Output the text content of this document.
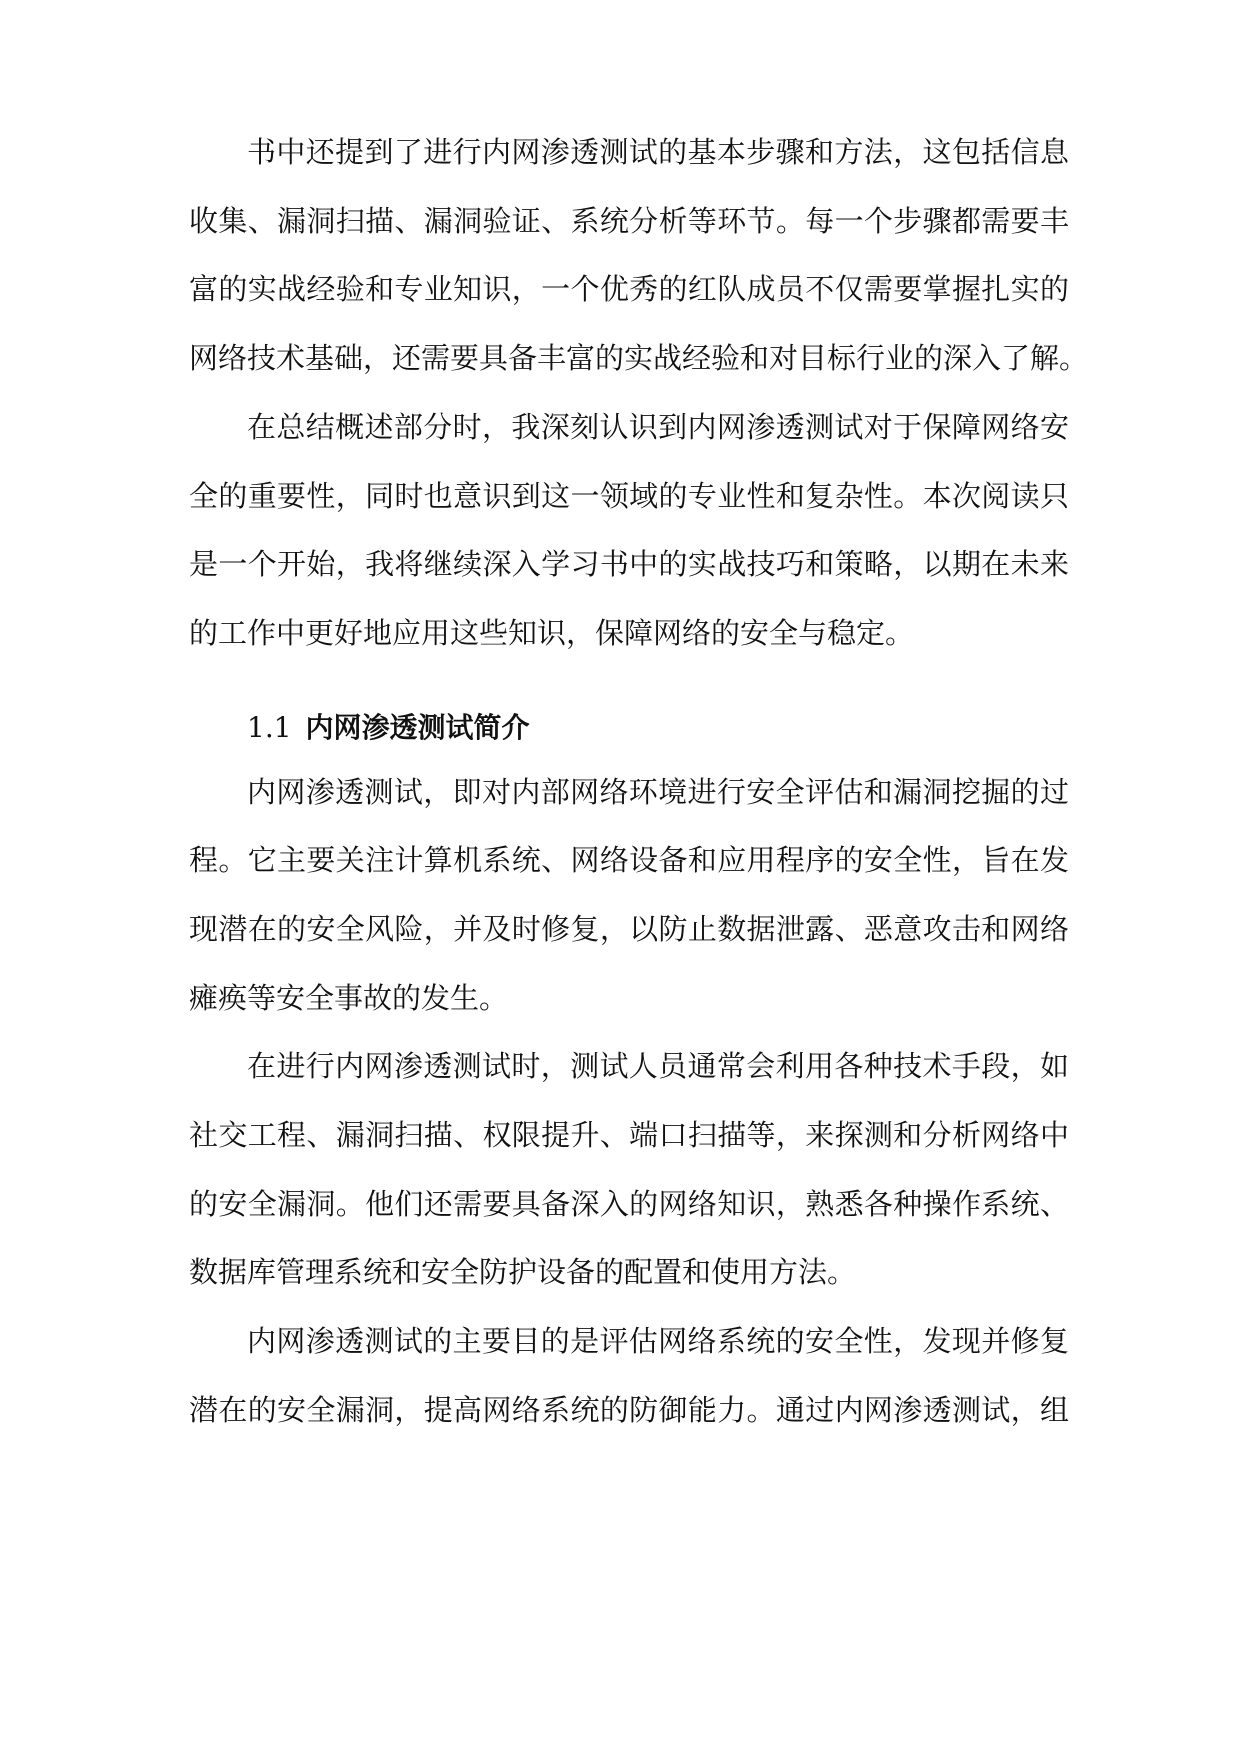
书中还提到了进行内网渗透测试的基本步骤和方法，这包括信息
收集、漏洞扫描、漏洞验证、系统分析等环节。每一个步骤都需要丰
富的实战经验和专业知识，一个优秀的红队成员不仅需要掌握扎实的
网络技术基础，还需要具备丰富的实战经验和对目标行业的深入了解。
在总结概述部分时，我深刻认识到内网渗透测试对于保障网络安
全的重要性，同时也意识到这一领域的专业性和复杂性。本次阅读只
是一个开始，我将继续深入学习书中的实战技巧和策略，以期在未来
的工作中更好地应用这些知识，保障网络的安全与稳定。
1.1 内网渗透测试简介
内网渗透测试，即对内部网络环境进行安全评估和漏洞挖掘的过
程。它主要关注计算机系统、网络设备和应用程序的安全性，旨在发
现潜在的安全风险，并及时修复，以防止数据泄露、恶意攻击和网络
瘫痪等安全事故的发生。
在进行内网渗透测试时，测试人员通常会利用各种技术手段，如
社交工程、漏洞扫描、权限提升、端口扫描等，来探测和分析网络中
的安全漏洞。他们还需要具备深入的网络知识，熟悉各种操作系统、
数据库管理系统和安全防护设备的配置和使用方法。
内网渗透测试的主要目的是评估网络系统的安全性，发现并修复
潜在的安全漏洞，提高网络系统的防御能力。通过内网渗透测试，组
